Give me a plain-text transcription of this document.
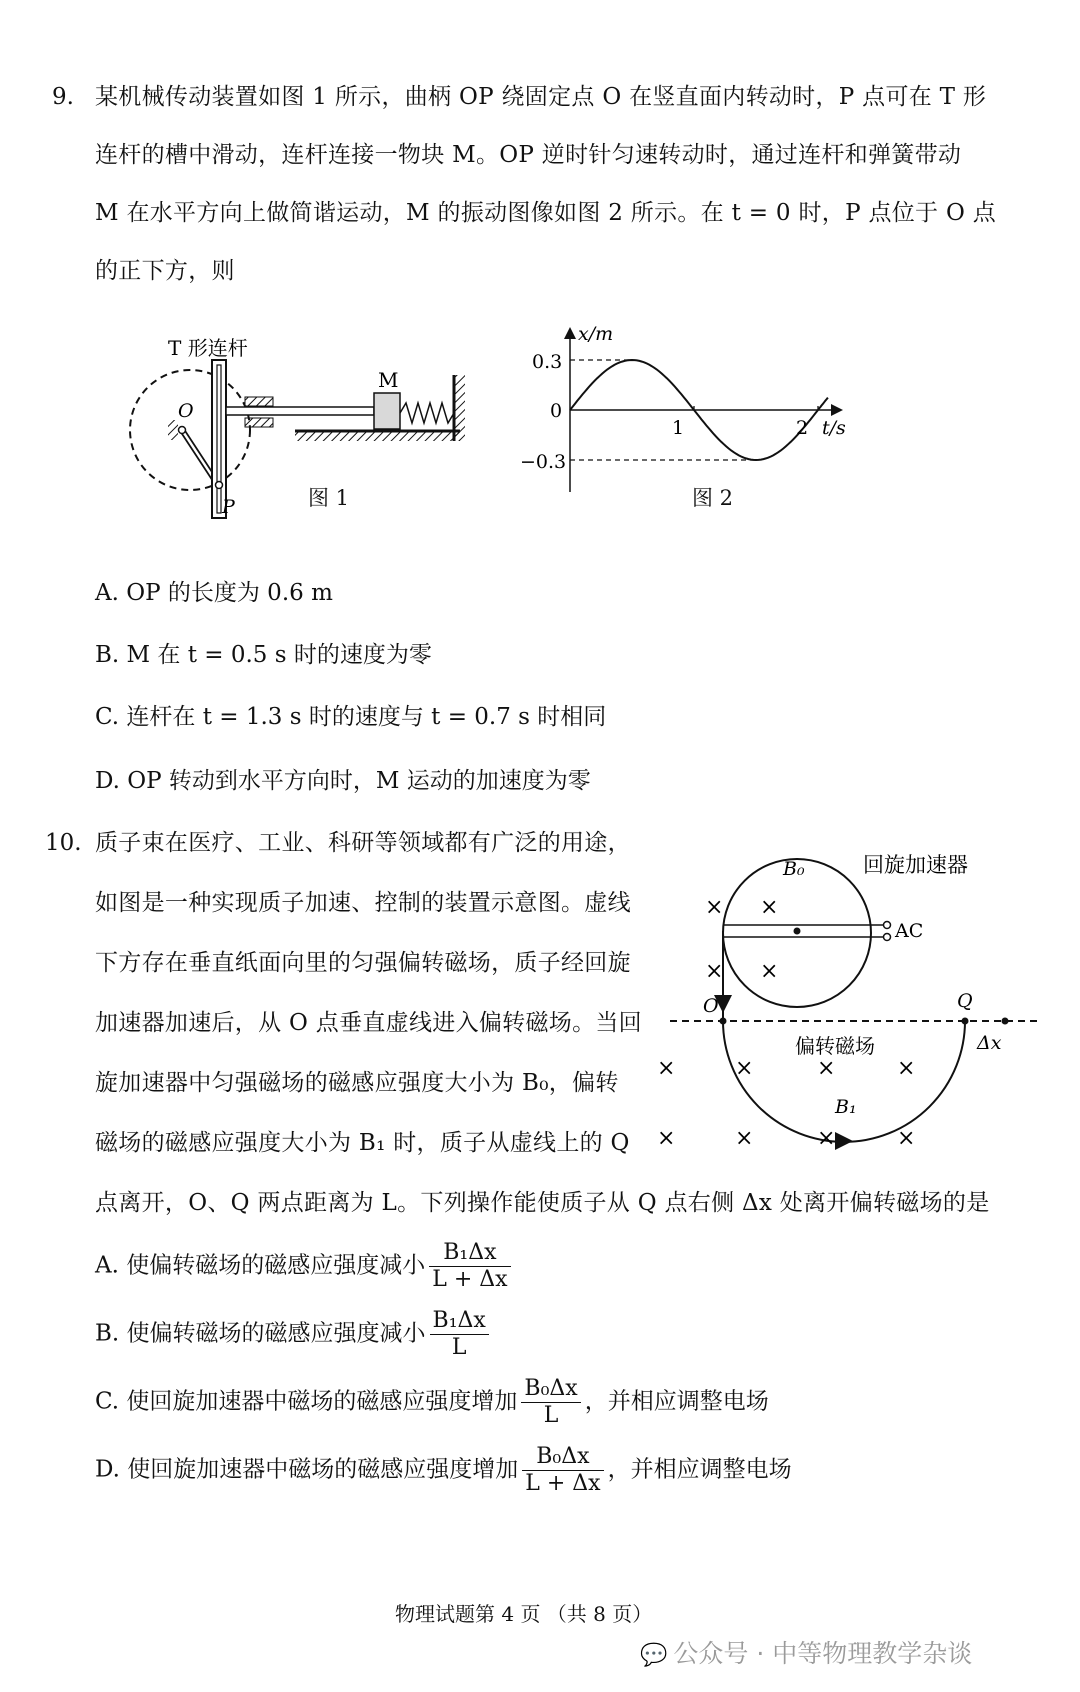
9. 某机械传动装置如图 1 所示，曲柄 OP 绕固定点 O 在竖直面内转动时，P 点可在 T 形
连杆的槽中滑动，连杆连接一物块 M。OP 逆时针匀速转动时，通过连杆和弹簧带动
M 在水平方向上做简谐运动，M 的振动图像如图 2 所示。在 t = 0 时，P 点位于 O 点
的正下方，则
T 形连杆
O
P
M
图 1
x/m
t/s
0
0.3
−0.3
1	2
图 2
A. OP 的长度为 0.6 m
B. M 在 t = 0.5 s 时的速度为零
C. 连杆在 t = 1.3 s 时的速度与 t = 0.7 s 时相同
D. OP 转动到水平方向时，M 运动的加速度为零
10. 质子束在医疗、工业、科研等领域都有广泛的用途，
如图是一种实现质子加速、控制的装置示意图。虚线
下方存在垂直纸面向里的匀强偏转磁场，质子经回旋
加速器加速后，从 O 点垂直虚线进入偏转磁场。当回
旋加速器中匀强磁场的磁感应强度大小为 B₀，偏转
磁场的磁感应强度大小为 B₁ 时，质子从虚线上的 Q
点离开，O、Q 两点距离为 L。下列操作能使质子从 Q 点右侧 Δx 处离开偏转磁场的是
× ×
× ×
×	×	×	×
×	×	×	×
B₀	回旋加速器
AC
O	Q
Δx
偏转磁场
B₁
A. 使偏转磁场的磁感应强度减小 $\frac{\text{B₁Δx}}{L + \Delta x}$
B. 使偏转磁场的磁感应强度减小 $\frac{\text{B₁Δx}}{L}$
C. 使回旋加速器中磁场的磁感应强度增加 $\frac{\text{B₀Δx}}{L}$ ，并相应调整电场
D. 使回旋加速器中磁场的磁感应强度增加 $\frac{\text{B₀Δx}}{L + \Delta x}$ ，并相应调整电场
物理试题第 4 页 （共 8 页）
💬 公众号 · 中等物理教学杂谈
